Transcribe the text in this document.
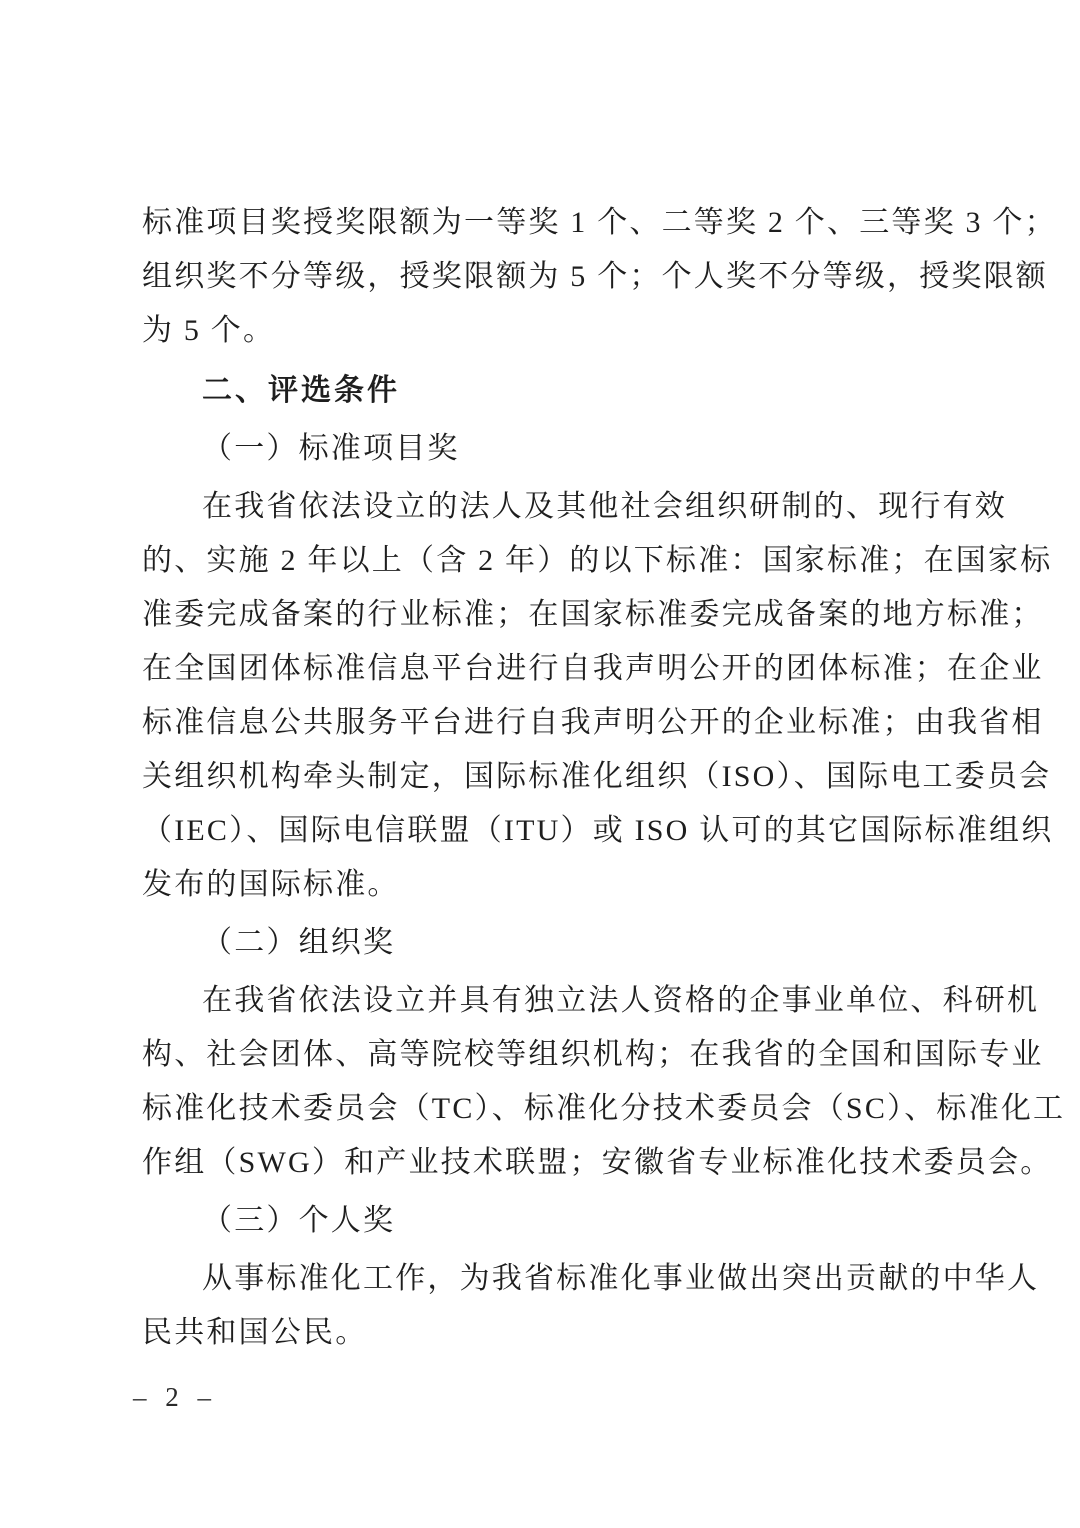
标准项目奖授奖限额为一等奖 1 个、二等奖 2 个、三等奖 3 个；
组织奖不分等级，授奖限额为 5 个；个人奖不分等级，授奖限额
为 5 个。
二、评选条件
（一）标准项目奖
在我省依法设立的法人及其他社会组织研制的、现行有效
的、实施 2 年以上（含 2 年）的以下标准：国家标准；在国家标
准委完成备案的行业标准；在国家标准委完成备案的地方标准；
在全国团体标准信息平台进行自我声明公开的团体标准；在企业
标准信息公共服务平台进行自我声明公开的企业标准；由我省相
关组织机构牵头制定，国际标准化组织（ISO）、国际电工委员会
（IEC）、国际电信联盟（ITU）或 ISO 认可的其它国际标准组织
发布的国际标准。
（二）组织奖
在我省依法设立并具有独立法人资格的企事业单位、科研机
构、社会团体、高等院校等组织机构；在我省的全国和国际专业
标准化技术委员会（TC）、标准化分技术委员会（SC）、标准化工
作组（SWG）和产业技术联盟；安徽省专业标准化技术委员会。
（三）个人奖
从事标准化工作，为我省标准化事业做出突出贡献的中华人
民共和国公民。
– 2 –
